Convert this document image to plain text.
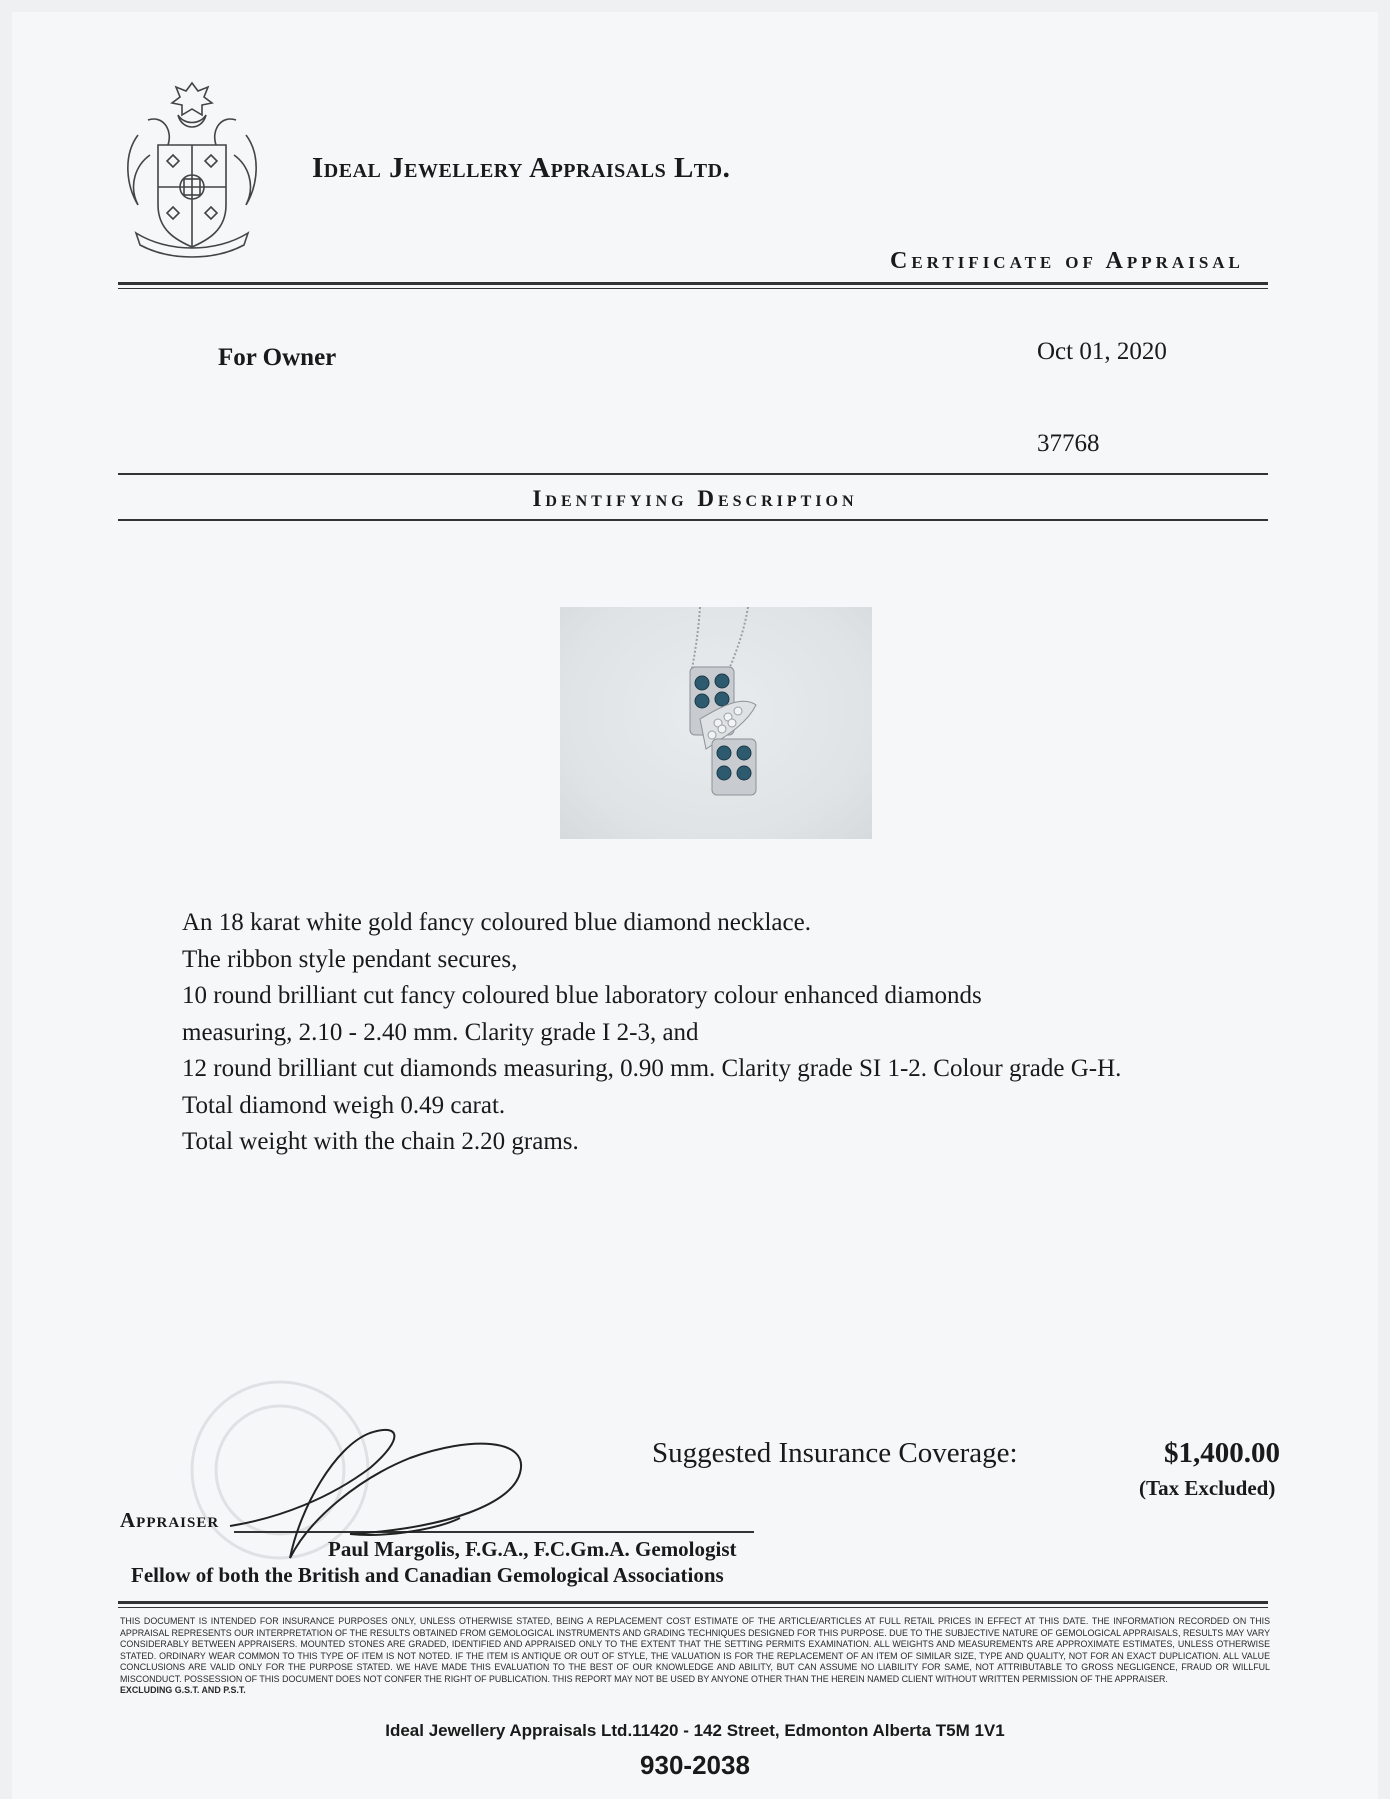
Ideal Jewellery Appraisals Ltd.
Certificate of Appraisal
For Owner	Oct 01, 2020
37768
Identifying Description
An 18 karat white gold fancy coloured blue diamond necklace.
The ribbon style pendant secures,
10 round brilliant cut fancy coloured blue laboratory colour enhanced diamonds
measuring, 2.10 - 2.40 mm. Clarity grade I 2-3, and
12 round brilliant cut diamonds measuring, 0.90 mm. Clarity grade SI 1-2. Colour grade G-H.
Total diamond weigh 0.49 carat.
Total weight with the chain 2.20 grams.
Suggested Insurance Coverage:	$1,400.00
(Tax Excluded)
Appraiser
Paul Margolis, F.G.A., F.C.Gm.A. Gemologist
Fellow of both the British and Canadian Gemological Associations
THIS DOCUMENT IS INTENDED FOR INSURANCE PURPOSES ONLY, UNLESS OTHERWISE STATED, BEING A REPLACEMENT COST ESTIMATE OF THE ARTICLE/ARTICLES AT FULL RETAIL PRICES IN EFFECT AT THIS DATE. THE INFORMATION RECORDED ON THIS APPRAISAL REPRESENTS OUR INTERPRETATION OF THE RESULTS OBTAINED FROM GEMOLOGICAL INSTRUMENTS AND GRADING TECHNIQUES DESIGNED FOR THIS PURPOSE. DUE TO THE SUBJECTIVE NATURE OF GEMOLOGICAL APPRAISALS, RESULTS MAY VARY CONSIDERABLY BETWEEN APPRAISERS. MOUNTED STONES ARE GRADED, IDENTIFIED AND APPRAISED ONLY TO THE EXTENT THAT THE SETTING PERMITS EXAMINATION. ALL WEIGHTS AND MEASUREMENTS ARE APPROXIMATE ESTIMATES, UNLESS OTHERWISE STATED. ORDINARY WEAR COMMON TO THIS TYPE OF ITEM IS NOT NOTED. IF THE ITEM IS ANTIQUE OR OUT OF STYLE, THE VALUATION IS FOR THE REPLACEMENT OF AN ITEM OF SIMILAR SIZE, TYPE AND QUALITY, NOT FOR AN EXACT DUPLICATION. ALL VALUE CONCLUSIONS ARE VALID ONLY FOR THE PURPOSE STATED. WE HAVE MADE THIS EVALUATION TO THE BEST OF OUR KNOWLEDGE AND ABILITY, BUT CAN ASSUME NO LIABILITY FOR SAME, NOT ATTRIBUTABLE TO GROSS NEGLIGENCE, FRAUD OR WILLFUL MISCONDUCT. POSSESSION OF THIS DOCUMENT DOES NOT CONFER THE RIGHT OF PUBLICATION. THIS REPORT MAY NOT BE USED BY ANYONE OTHER THAN THE HEREIN NAMED CLIENT WITHOUT WRITTEN PERMISSION OF THE APPRAISER.
EXCLUDING G.S.T. AND P.S.T.
Ideal Jewellery Appraisals Ltd.11420 - 142 Street, Edmonton Alberta T5M 1V1
930-2038
